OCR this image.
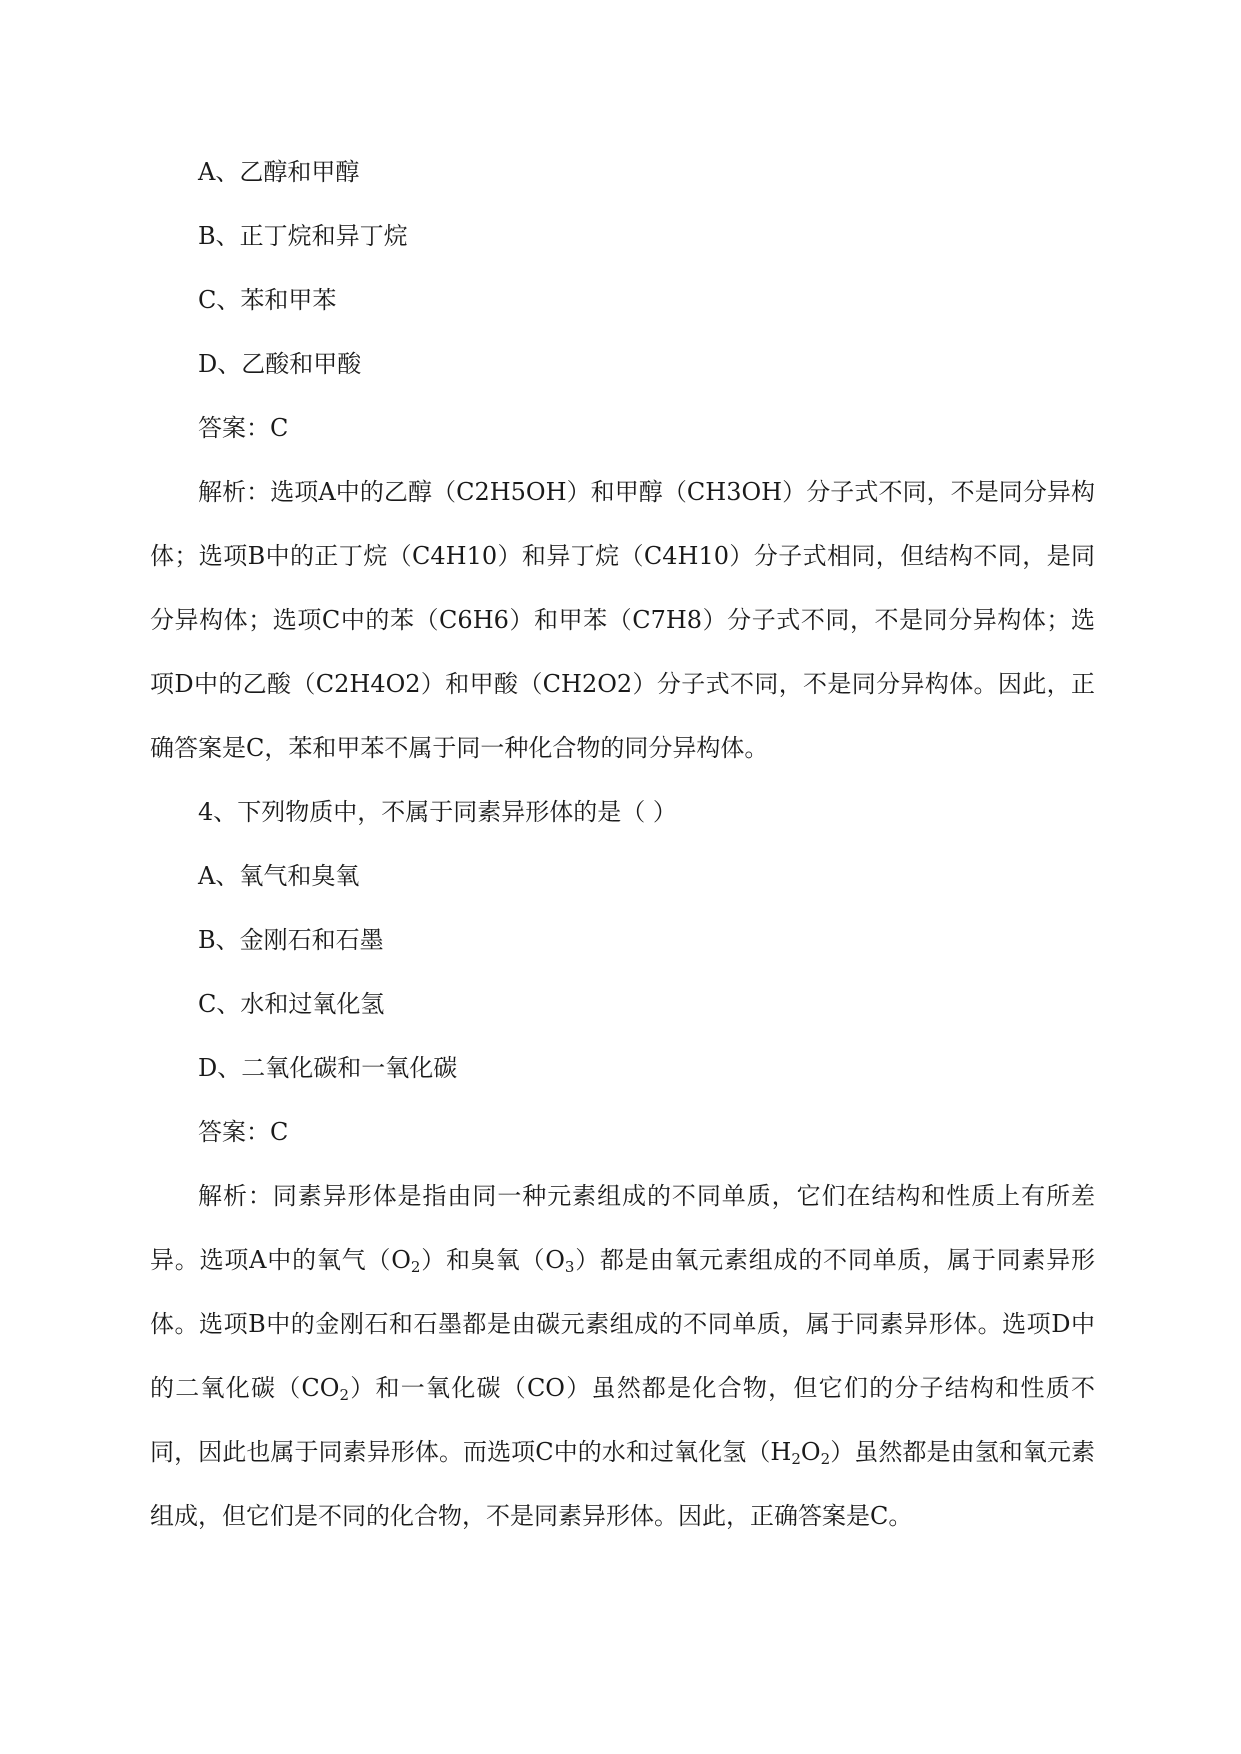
A、乙醇和甲醇

B、正丁烷和异丁烷

C、苯和甲苯

D、乙酸和甲酸

答案：C

解析：选项A中的乙醇（C2H5OH）和甲醇（CH3OH）分子式不同，不是同分异构体；选项B中的正丁烷（C4H10）和异丁烷（C4H10）分子式相同，但结构不同，是同分异构体；选项C中的苯（C6H6）和甲苯（C7H8）分子式不同，不是同分异构体；选项D中的乙酸（C2H4O2）和甲酸（CH2O2）分子式不同，不是同分异构体。因此，正确答案是C，苯和甲苯不属于同一种化合物的同分异构体。

4、下列物质中，不属于同素异形体的是（ ）

A、氧气和臭氧

B、金刚石和石墨

C、水和过氧化氢

D、二氧化碳和一氧化碳

答案：C

解析：同素异形体是指由同一种元素组成的不同单质，它们在结构和性质上有所差异。选项A中的氧气$(O_2)$和臭氧$(O_3)$都是由氧元素组成的不同单质，属于同素异形体。选项B中的金刚石和石墨都是由碳元素组成的不同单质，属于同素异形体。选项D中的二氧化碳$(CO_2)$和一氧化碳（CO）虽然都是化合物，但它们的分子结构和性质不同，因此也属于同素异形体。而选项C中的水和过氧化氢$(H_2O_2)$虽然都是由氢和氧元素组成，但它们是不同的化合物，不是同素异形体。因此，正确答案是C。
